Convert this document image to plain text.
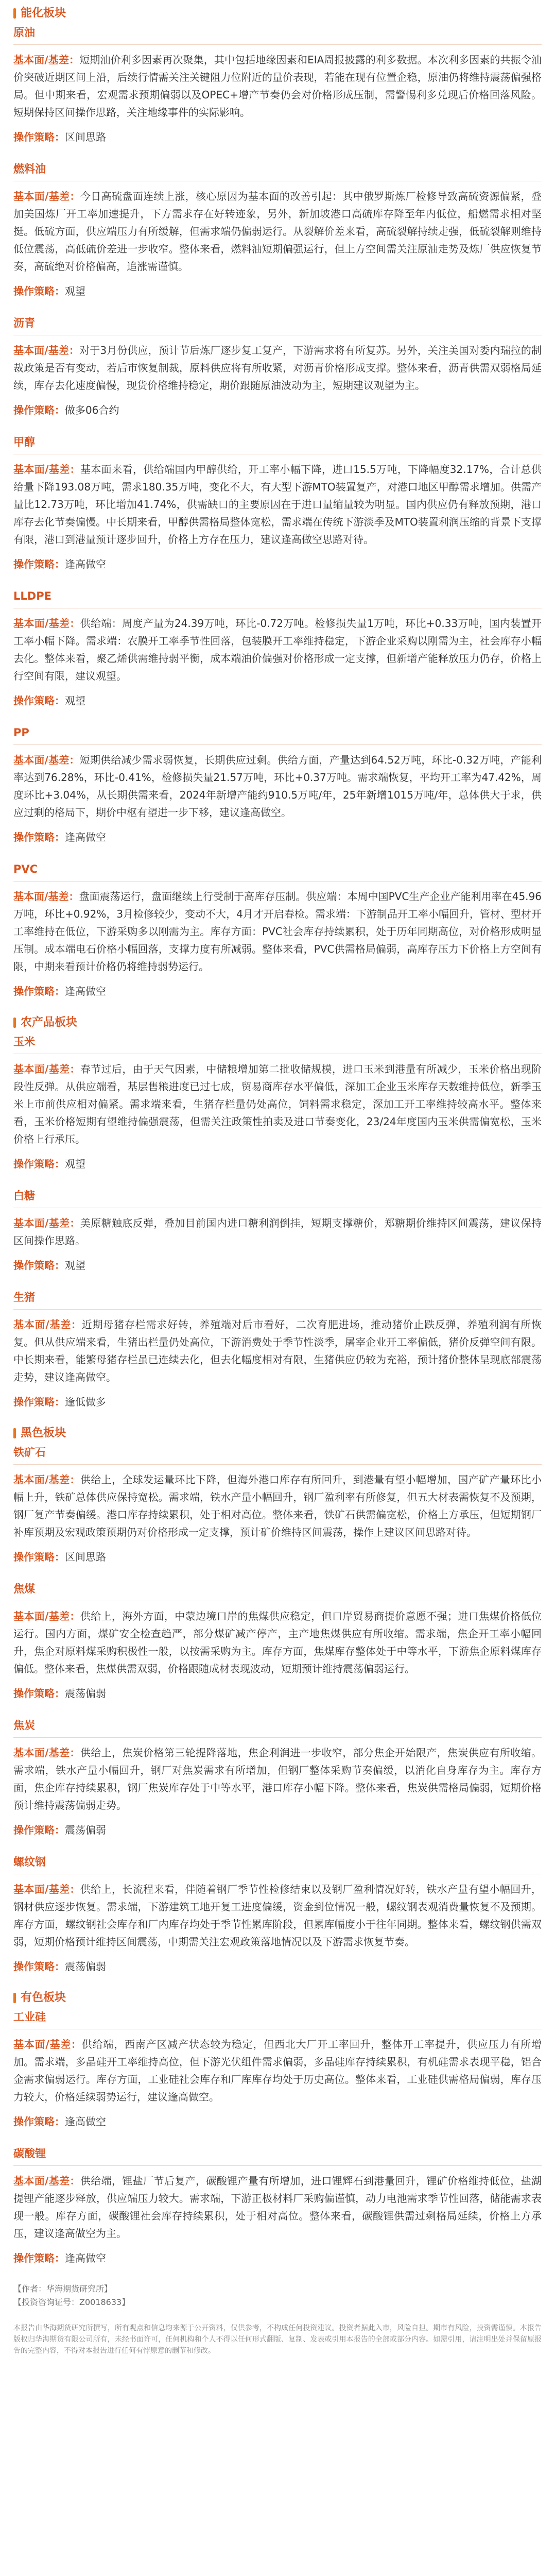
能化板块
原油
基本面/基差：短期油价利多因素再次聚集，其中包括地缘因素和EIA周报披露的利多数据。本次利多因素的共振令油价突破近期区间上沿，后续行情需关注关键阻力位附近的量价表现，若能在现有位置企稳，原油仍将维持震荡偏强格局。但中期来看，宏观需求预期偏弱以及OPEC+增产节奏仍会对价格形成压制，需警惕利多兑现后价格回落风险。短期保持区间操作思路，关注地缘事件的实际影响。
操作策略：区间思路
燃料油
基本面/基差：今日高硫盘面连续上涨，核心原因为基本面的改善引起：其中俄罗斯炼厂检修导致高硫资源偏紧，叠加美国炼厂开工率加速提升，下方需求存在好转迹象，另外，新加坡港口高硫库存降至年内低位，船燃需求相对坚挺。低硫方面，供应端压力有所缓解，但需求端仍偏弱运行。从裂解价差来看，高硫裂解持续走强，低硫裂解则维持低位震荡，高低硫价差进一步收窄。整体来看，燃料油短期偏强运行，但上方空间需关注原油走势及炼厂供应恢复节奏，高硫绝对价格偏高，追涨需谨慎。
操作策略：观望
沥青
基本面/基差：对于3月份供应，预计节后炼厂逐步复工复产，下游需求将有所复苏。另外，关注美国对委内瑞拉的制裁政策是否有变动，若后市恢复制裁，原料供应将有所收紧，对沥青价格形成支撑。整体来看，沥青供需双弱格局延续，库存去化速度偏慢，现货价格维持稳定，期价跟随原油波动为主，短期建议观望为主。
操作策略：做多06合约
甲醇
基本面/基差：基本面来看，供给端国内甲醇供给，开工率小幅下降，进口15.5万吨，下降幅度32.17%，合计总供给量下降193.08万吨，需求180.35万吨，变化不大，有大型下游MTO装置复产，对港口地区甲醇需求增加。供需产量比12.73万吨，环比增加41.74%，供需缺口的主要原因在于进口量缩量较为明显。国内供应仍有释放预期，港口库存去化节奏偏慢。中长期来看，甲醇供需格局整体宽松，需求端在传统下游淡季及MTO装置利润压缩的背景下支撑有限，港口到港量预计逐步回升，价格上方存在压力，建议逢高做空思路对待。
操作策略：逢高做空
LLDPE
基本面/基差：供给端：周度产量为24.39万吨，环比-0.72万吨。检修损失量1万吨，环比+0.33万吨，国内装置开工率小幅下降。需求端：农膜开工率季节性回落，包装膜开工率维持稳定，下游企业采购以刚需为主，社会库存小幅去化。整体来看，聚乙烯供需维持弱平衡，成本端油价偏强对价格形成一定支撑，但新增产能释放压力仍存，价格上行空间有限，建议观望。
操作策略：观望
PP
基本面/基差：短期供给减少需求弱恢复，长期供应过剩。供给方面，产量达到64.52万吨，环比-0.32万吨，产能利率达到76.28%，环比-0.41%，检修损失量21.57万吨，环比+0.37万吨。需求端恢复，平均开工率为47.42%，周度环比+3.04%，从长期供需来看，2024年新增产能约910.5万吨/年，25年新增1015万吨/年，总体供大于求，供应过剩的格局下，期价中枢有望进一步下移，建议逢高做空。
操作策略：逢高做空
PVC
基本面/基差：盘面震荡运行，盘面继续上行受制于高库存压制。供应端：本周中国PVC生产企业产能利用率在45.96万吨，环比+0.92%，3月检修较少，变动不大，4月才开启春检。需求端：下游制品开工率小幅回升，管材、型材开工率维持在低位，下游采购多以刚需为主。库存方面：PVC社会库存持续累积，处于历年同期高位，对价格形成明显压制。成本端电石价格小幅回落，支撑力度有所减弱。整体来看，PVC供需格局偏弱，高库存压力下价格上方空间有限，中期来看预计价格仍将维持弱势运行。
操作策略：逢高做空
农产品板块
玉米
基本面/基差：春节过后，由于天气因素，中储粮增加第二批收储规模，进口玉米到港量有所减少，玉米价格出现阶段性反弹。从供应端看，基层售粮进度已过七成，贸易商库存水平偏低，深加工企业玉米库存天数维持低位，新季玉米上市前供应相对偏紧。需求端来看，生猪存栏量仍处高位，饲料需求稳定，深加工开工率维持较高水平。整体来看，玉米价格短期有望维持偏强震荡，但需关注政策性拍卖及进口节奏变化，23/24年度国内玉米供需偏宽松，玉米价格上行承压。
操作策略：观望
白糖
基本面/基差：美原糖触底反弹，叠加目前国内进口糖利润倒挂，短期支撑糖价，郑糖期价维持区间震荡，建议保持区间操作思路。
操作策略：观望
生猪
基本面/基差：近期母猪存栏需求好转，养殖端对后市看好，二次育肥进场，推动猪价止跌反弹，养殖利润有所恢复。但从供应端来看，生猪出栏量仍处高位，下游消费处于季节性淡季，屠宰企业开工率偏低，猪价反弹空间有限。中长期来看，能繁母猪存栏虽已连续去化，但去化幅度相对有限，生猪供应仍较为充裕，预计猪价整体呈现底部震荡走势，建议逢高做空。
操作策略：逢低做多
黑色板块
铁矿石
基本面/基差：供给上，全球发运量环比下降，但海外港口库存有所回升，到港量有望小幅增加，国产矿产量环比小幅上升，铁矿总体供应保持宽松。需求端，铁水产量小幅回升，钢厂盈利率有所修复，但五大材表需恢复不及预期，钢厂复产节奏偏缓。港口库存持续累积，处于相对高位。整体来看，铁矿石供需偏宽松，价格上方承压，但短期钢厂补库预期及宏观政策预期仍对价格形成一定支撑，预计矿价维持区间震荡，操作上建议区间思路对待。
操作策略：区间思路
焦煤
基本面/基差：供给上，海外方面，中蒙边境口岸的焦煤供应稳定，但口岸贸易商提价意愿不强；进口焦煤价格低位运行。国内方面，煤矿安全检查趋严，部分煤矿减产停产，主产地焦煤供应有所收缩。需求端，焦企开工率小幅回升，焦企对原料煤采购积极性一般，以按需采购为主。库存方面，焦煤库存整体处于中等水平，下游焦企原料煤库存偏低。整体来看，焦煤供需双弱，价格跟随成材表现波动，短期预计维持震荡偏弱运行。
操作策略：震荡偏弱
焦炭
基本面/基差：供给上，焦炭价格第三轮提降落地，焦企利润进一步收窄，部分焦企开始限产，焦炭供应有所收缩。需求端，铁水产量小幅回升，钢厂对焦炭需求有所增加，但钢厂整体采购节奏偏缓，以消化自身库存为主。库存方面，焦企库存持续累积，钢厂焦炭库存处于中等水平，港口库存小幅下降。整体来看，焦炭供需格局偏弱，短期价格预计维持震荡偏弱走势。
操作策略：震荡偏弱
螺纹钢
基本面/基差：供给上，长流程来看，伴随着钢厂季节性检修结束以及钢厂盈利情况好转，铁水产量有望小幅回升，钢材供应逐步恢复。需求端，下游建筑工地开复工进度偏缓，资金到位情况一般，螺纹钢表观消费量恢复不及预期。库存方面，螺纹钢社会库存和厂内库存均处于季节性累库阶段，但累库幅度小于往年同期。整体来看，螺纹钢供需双弱，短期价格预计维持区间震荡，中期需关注宏观政策落地情况以及下游需求恢复节奏。
操作策略：震荡偏弱
有色板块
工业硅
基本面/基差：供给端，西南产区减产状态较为稳定，但西北大厂开工率回升，整体开工率提升，供应压力有所增加。需求端，多晶硅开工率维持高位，但下游光伏组件需求偏弱，多晶硅库存持续累积，有机硅需求表现平稳，铝合金需求偏弱运行。库存方面，工业硅社会库存和厂库库存均处于历史高位。整体来看，工业硅供需格局偏弱，库存压力较大，价格延续弱势运行，建议逢高做空。
操作策略：逢高做空
碳酸锂
基本面/基差：供给端，锂盐厂节后复产，碳酸锂产量有所增加，进口锂辉石到港量回升，锂矿价格维持低位，盐湖提锂产能逐步释放，供应端压力较大。需求端，下游正极材料厂采购偏谨慎，动力电池需求季节性回落，储能需求表现一般。库存方面，碳酸锂社会库存持续累积，处于相对高位。整体来看，碳酸锂供需过剩格局延续，价格上方承压，建议逢高做空为主。
操作策略：逢高做空
【作者：华海期货研究所】
【投资咨询证号：Z0018633】
本报告由华海期货研究所撰写，所有观点和信息均来源于公开资料，仅供参考，不构成任何投资建议。投资者据此入市，风险自担。期市有风险，投资需谨慎。本报告版权归华海期货有限公司所有，未经书面许可，任何机构和个人不得以任何形式翻版、复制、发表或引用本报告的全部或部分内容。如需引用，请注明出处并保留原报告的完整内容，不得对本报告进行任何有悖原意的删节和修改。
